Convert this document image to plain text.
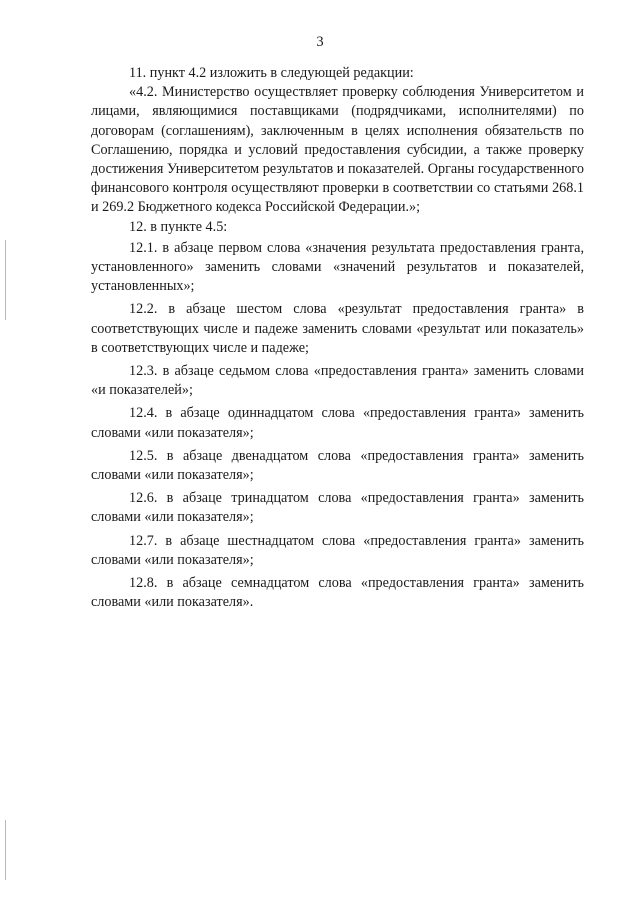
3

11. пункт 4.2 изложить в следующей редакции:

«4.2. Министерство осуществляет проверку соблюдения Университетом и лицами, являющимися поставщиками (подрядчиками, исполнителями) по договорам (соглашениям), заключенным в целях исполнения обязательств по Соглашению, порядка и условий предоставления субсидии, а также проверку достижения Университетом результатов и показателей. Органы государственного финансового контроля осуществляют проверки в соответствии со статьями 268.1 и 269.2 Бюджетного кодекса Российской Федерации.»;

12. в пункте 4.5:

12.1. в абзаце первом слова «значения результата предоставления гранта, установленного» заменить словами «значений результатов и показателей, установленных»;

12.2. в абзаце шестом слова «результат предоставления гранта» в соответствующих числе и падеже заменить словами «результат или показатель» в соответствующих числе и падеже;

12.3. в абзаце седьмом слова «предоставления гранта» заменить словами «и показателей»;

12.4. в абзаце одиннадцатом слова «предоставления гранта» заменить словами «или показателя»;

12.5. в абзаце двенадцатом слова «предоставления гранта» заменить словами «или показателя»;

12.6. в абзаце тринадцатом слова «предоставления гранта» заменить словами «или показателя»;

12.7. в абзаце шестнадцатом слова «предоставления гранта» заменить словами «или показателя»;

12.8. в абзаце семнадцатом слова «предоставления гранта» заменить словами «или показателя».
